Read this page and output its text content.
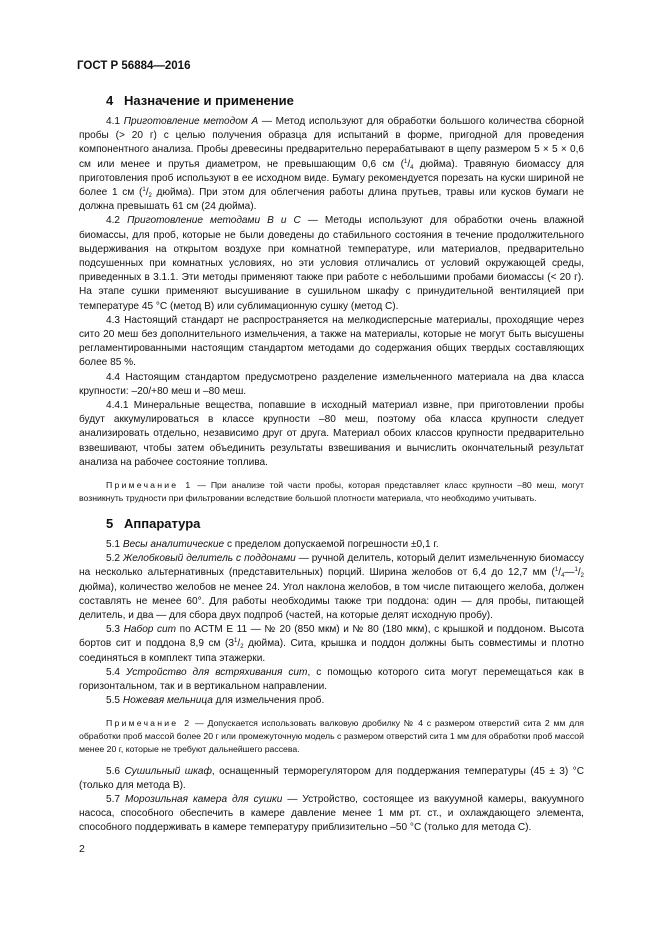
ГОСТ Р 56884—2016

4 Назначение и применение

4.1 Приготовление методом А — Метод используют для обработки большого количества сборной пробы (> 20 г) с целью получения образца для испытаний в форме, пригодной для проведения компонентного анализа. Пробы древесины предварительно перерабатывают в щепу размером 5 × 5 × 0,6 см или менее и прутья диаметром, не превышающим 0,6 см ($^1/_4$ дюйма). Травяную биомассу для приготовления проб используют в ее исходном виде. Бумагу рекомендуется порезать на куски шириной не более 1 см ($^1/_2$ дюйма). При этом для облегчения работы длина прутьев, травы или кусков бумаги не должна превышать 61 см (24 дюйма).

4.2 Приготовление методами В и С — Методы используют для обработки очень влажной биомассы, для проб, которые не были доведены до стабильного состояния в течение продолжительного выдерживания на открытом воздухе при комнатной температуре, или материалов, предварительно подсушенных при комнатных условиях, но эти условия отличались от условий окружающей среды, приведенных в 3.1.1. Эти методы применяют также при работе с небольшими пробами биомассы (< 20 г). На этапе сушки применяют высушивание в сушильном шкафу с принудительной вентиляцией при температуре 45 °С (метод В) или сублимационную сушку (метод С).

4.3 Настоящий стандарт не распространяется на мелкодисперсные материалы, проходящие через сито 20 меш без дополнительного измельчения, а также на материалы, которые не могут быть высушены регламентированными настоящим стандартом методами до содержания общих твердых составляющих более 85 %.

4.4 Настоящим стандартом предусмотрено разделение измельченного материала на два класса крупности: –20/+80 меш и –80 меш.

4.4.1 Минеральные вещества, попавшие в исходный материал извне, при приготовлении пробы будут аккумулироваться в классе крупности –80 меш, поэтому оба класса крупности следует анализировать отдельно, независимо друг от друга. Материал обоих классов крупности предварительно взвешивают, чтобы затем объединить результаты взвешивания и вычислить окончательный результат анализа на рабочее состояние топлива.

Примечание 1 — При анализе той части пробы, которая представляет класс крупности –80 меш, могут возникнуть трудности при фильтровании вследствие большой плотности материала, что необходимо учитывать.

5 Аппаратура

5.1 Весы аналитические с пределом допускаемой погрешности ±0,1 г.

5.2 Желобковый делитель с поддонами — ручной делитель, который делит измельченную биомассу на несколько альтернативных (представительных) порций. Ширина желобов от 6,4 до 12,7 мм ($^1/_4—^1/_2$ дюйма), количество желобов не менее 24. Угол наклона желобов, в том числе питающего желоба, должен составлять не менее 60°. Для работы необходимы также три поддона: один — для пробы, питающей делитель, и два — для сбора двух подпроб (частей, на которые делят исходную пробу).

5.3 Набор сит по ACTM E 11 — № 20 (850 мкм) и № 80 (180 мкм), с крышкой и поддоном. Высота бортов сит и поддона 8,9 см ($3^1/_2$ дюйма). Сита, крышка и поддон должны быть совместимы и плотно соединяться в комплект типа этажерки.

5.4 Устройство для встряхивания сит, с помощью которого сита могут перемещаться как в горизонтальном, так и в вертикальном направлении.

5.5 Ножевая мельница для измельчения проб.

Примечание 2 — Допускается использовать валковую дробилку № 4 с размером отверстий сита 2 мм для обработки проб массой более 20 г или промежуточную модель с размером отверстий сита 1 мм для обработки проб массой менее 20 г, которые не требуют дальнейшего рассева.

5.6 Сушильный шкаф, оснащенный терморегулятором для поддержания температуры (45 ± 3) °С (только для метода В).

5.7 Морозильная камера для сушки — Устройство, состоящее из вакуумной камеры, вакуумного насоса, способного обеспечить в камере давление менее 1 мм рт. ст., и охлаждающего элемента, способного поддерживать в камере температуру приблизительно –50 °С (только для метода С).

2
